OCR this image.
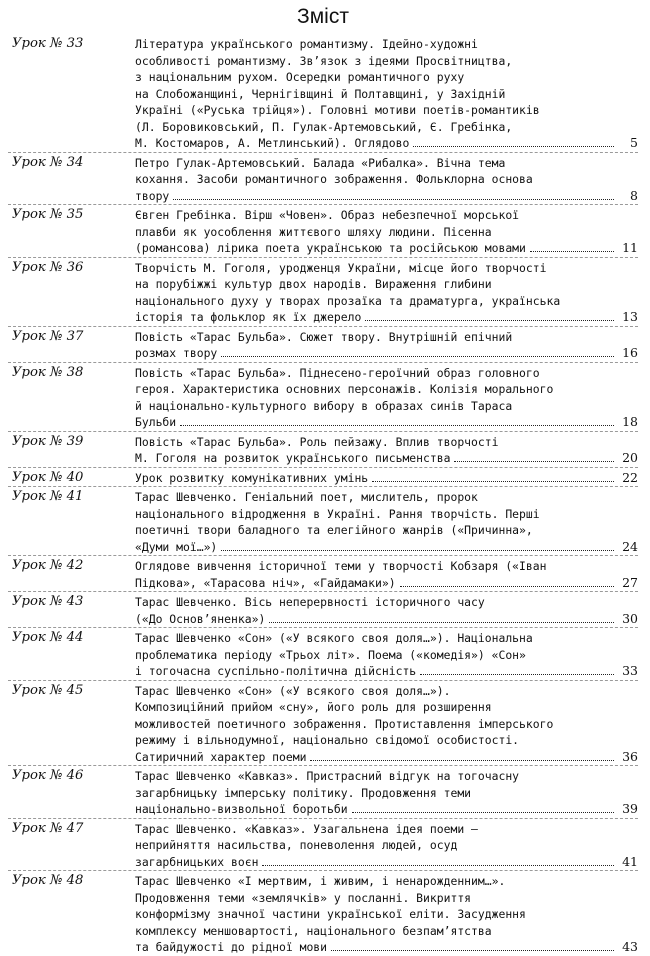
Зміст
Урок № 33	Література українського романтизму. Ідейно-художні
особливості романтизму. Зв’язок з ідеями Просвітництва,
з національним рухом. Осередки романтичного руху
на Слобожанщині, Чернігівщині й Полтавщині, у Західній
Україні («Руська трійця»). Головні мотиви поетів-романтиків
(Л. Боровиковський, П. Гулак-Артемовський, Є. Гребінка,
М. Костомаров, А. Метлинський). Оглядово	5
Урок № 34	Петро Гулак-Артемовський. Балада «Рибалка». Вічна тема
кохання. Засоби романтичного зображення. Фольклорна основа
твору	8
Урок № 35	Євген Гребінка. Вірш «Човен». Образ небезпечної морської
плавби як уособлення життєвого шляху людини. Пісенна
(романсова) лірика поета українською та російською мовами	11
Урок № 36	Творчість М. Гоголя, уродженця України, місце його творчості
на порубіжжі культур двох народів. Вираження глибини
національного духу у творах прозаїка та драматурга, українська
історія та фольклор як їх джерело	13
Урок № 37	Повість «Тарас Бульба». Сюжет твору. Внутрішній епічний
розмах твору	16
Урок № 38	Повість «Тарас Бульба». Піднесено-героїчний образ головного
героя. Характеристика основних персонажів. Колізія морального
й національно-культурного вибору в образах синів Тараса
Бульби	18
Урок № 39	Повість «Тарас Бульба». Роль пейзажу. Вплив творчості
М. Гоголя на розвиток українського письменства	20
Урок № 40	Урок розвитку комунікативних умінь	22
Урок № 41	Тарас Шевченко. Геніальний поет, мислитель, пророк
національного відродження в Україні. Рання творчість. Перші
поетичні твори баладного та елегійного жанрів («Причинна»,
«Думи мої…»)	24
Урок № 42	Оглядове вивчення історичної теми у творчості Кобзаря («Іван
Підкова», «Тарасова ніч», «Гайдамаки»)	27
Урок № 43	Тарас Шевченко. Вісь неперервності історичного часу
(«До Основ’яненка»)	30
Урок № 44	Тарас Шевченко «Сон» («У всякого своя доля…»). Національна
проблематика періоду «Трьох літ». Поема («комедія») «Сон»
і тогочасна суспільно-політична дійсність	33
Урок № 45	Тарас Шевченко «Сон» («У всякого своя доля…»).
Композиційний прийом «сну», його роль для розширення
можливостей поетичного зображення. Протиставлення імперського
режиму і вільнодумної, національно свідомої особистості.
Сатиричний характер поеми	36
Урок № 46	Тарас Шевченко «Кавказ». Пристрасний відгук на тогочасну
загарбницьку імперську політику. Продовження теми
національно-визвольної боротьби	39
Урок № 47	Тарас Шевченко. «Кавказ». Узагальнена ідея поеми —
неприйняття насильства, поневолення людей, осуд
загарбницьких воєн	41
Урок № 48	Тарас Шевченко «І мертвим, і живим, і ненарожденним…».
Продовження теми «землячків» у посланні. Викриття
конформізму значної частини української еліти. Засудження
комплексу меншовартості, національного безпам’ятства
та байдужості до рідної мови	43
